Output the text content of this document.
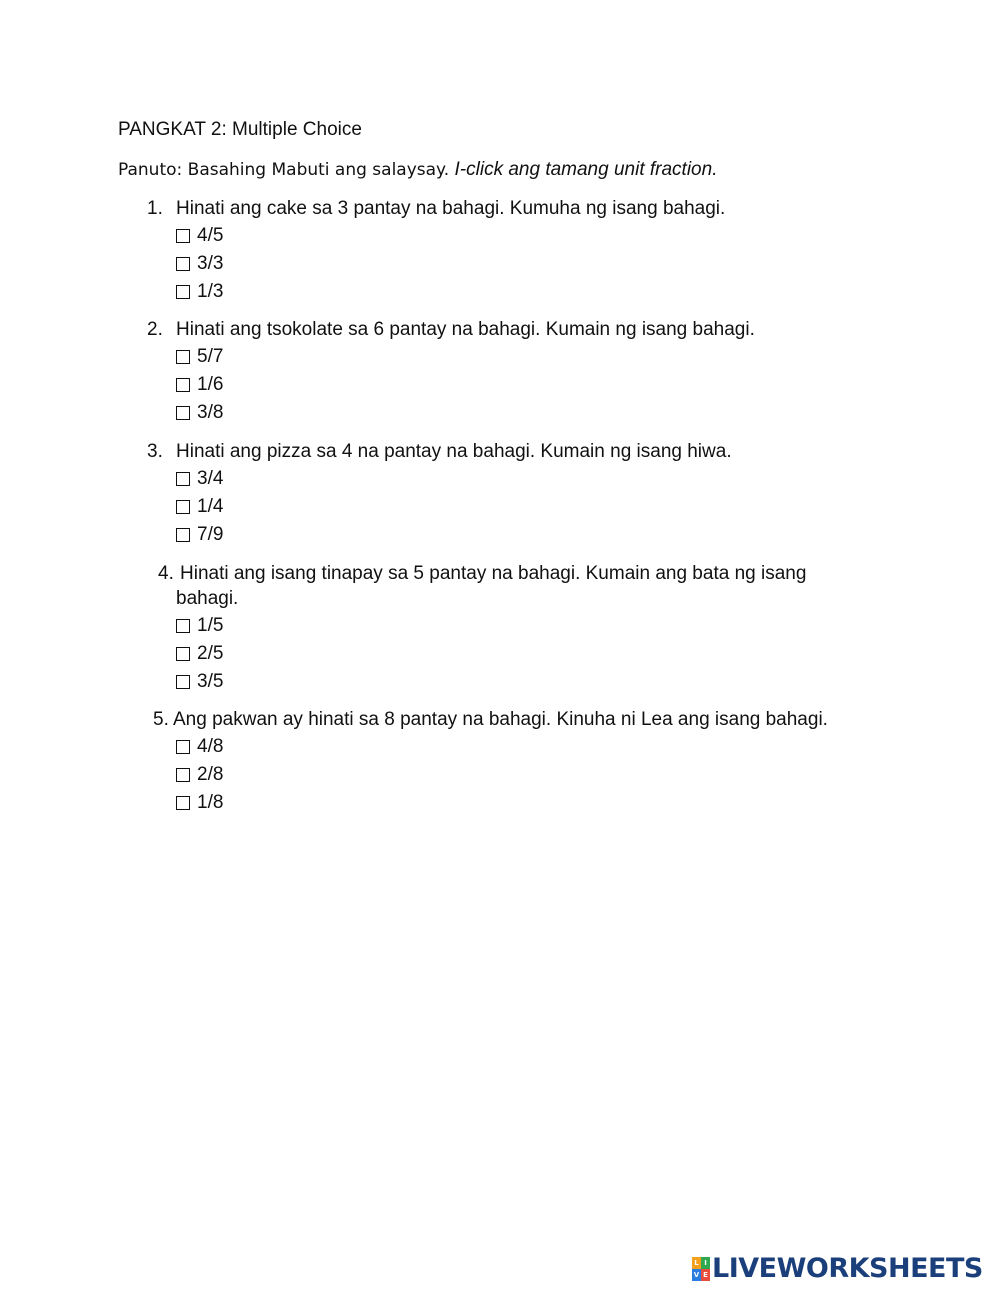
PANGKAT 2: Multiple Choice
Panuto: Basahing Mabuti ang salaysay. I-click ang tamang unit fraction.
1. Hinati ang cake sa 3 pantay na bahagi. Kumuha ng isang bahagi.
4/5
3/3
1/3
2. Hinati ang tsokolate sa 6 pantay na bahagi. Kumain ng isang bahagi.
5/7
1/6
3/8
3. Hinati ang pizza sa 4 na pantay na bahagi. Kumain ng isang hiwa.
3/4
1/4
7/9
4. Hinati ang isang tinapay sa 5 pantay na bahagi. Kumain ang bata ng isang
bahagi.
1/5
2/5
3/5
5. Ang pakwan ay hinati sa 8 pantay na bahagi. Kinuha ni Lea ang isang bahagi.
4/8
2/8
1/8
L I
V E LIVEWORKSHEETS
